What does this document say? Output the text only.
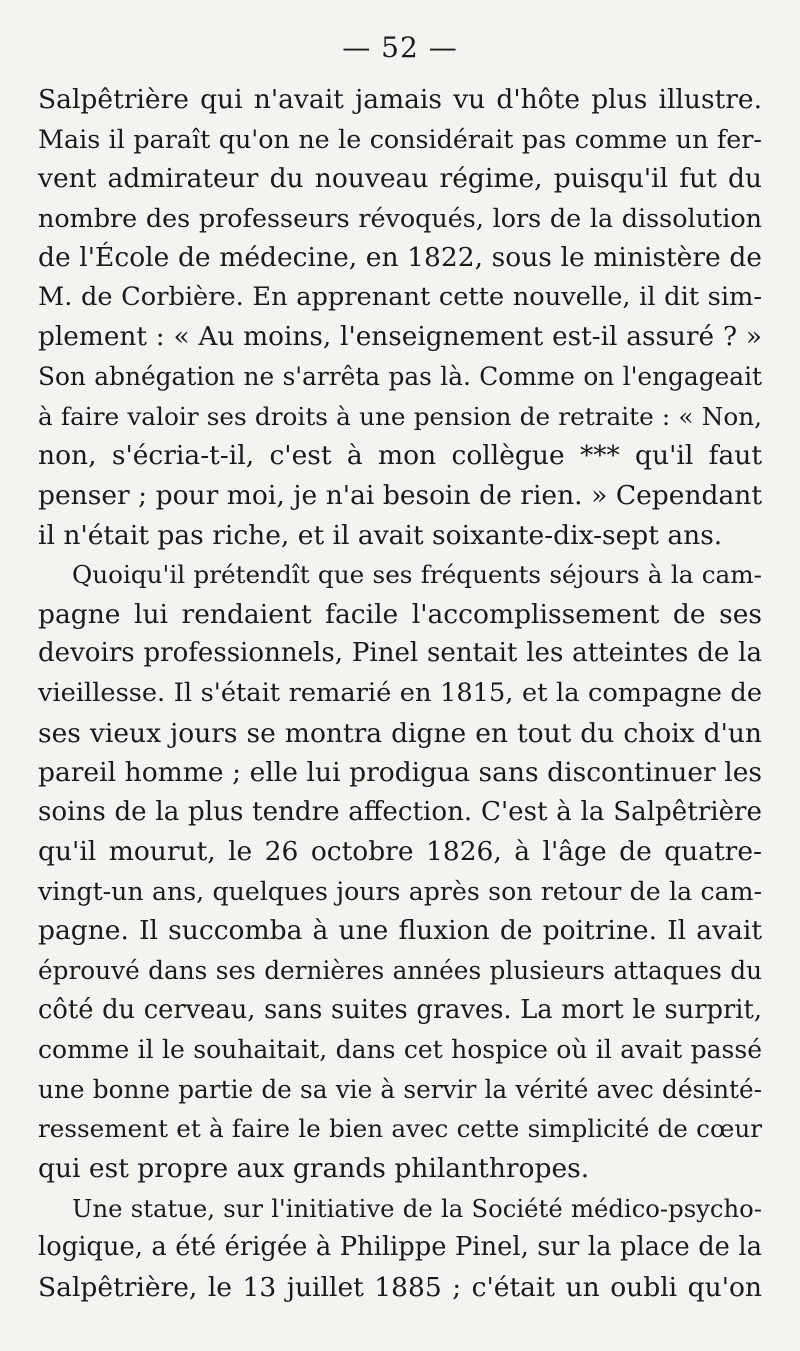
— 52 —
Salpêtrière qui n'avait jamais vu d'hôte plus illustre.
Mais il paraît qu'on ne le considérait pas comme un fer-
vent admirateur du nouveau régime, puisqu'il fut du
nombre des professeurs révoqués, lors de la dissolution
de l'École de médecine, en 1822, sous le ministère de
M. de Corbière. En apprenant cette nouvelle, il dit sim-
plement : « Au moins, l'enseignement est-il assuré ? »
Son abnégation ne s'arrêta pas là. Comme on l'engageait
à faire valoir ses droits à une pension de retraite : « Non,
non, s'écria-t-il, c'est à mon collègue *** qu'il faut
penser ; pour moi, je n'ai besoin de rien. » Cependant
il n'était pas riche, et il avait soixante-dix-sept ans.
Quoiqu'il prétendît que ses fréquents séjours à la cam-
pagne lui rendaient facile l'accomplissement de ses
devoirs professionnels, Pinel sentait les atteintes de la
vieillesse. Il s'était remarié en 1815, et la compagne de
ses vieux jours se montra digne en tout du choix d'un
pareil homme ; elle lui prodigua sans discontinuer les
soins de la plus tendre affection. C'est à la Salpêtrière
qu'il mourut, le 26 octobre 1826, à l'âge de quatre-
vingt-un ans, quelques jours après son retour de la cam-
pagne. Il succomba à une fluxion de poitrine. Il avait
éprouvé dans ses dernières années plusieurs attaques du
côté du cerveau, sans suites graves. La mort le surprit,
comme il le souhaitait, dans cet hospice où il avait passé
une bonne partie de sa vie à servir la vérité avec désinté-
ressement et à faire le bien avec cette simplicité de cœur
qui est propre aux grands philanthropes.
Une statue, sur l'initiative de la Société médico-psycho-
logique, a été érigée à Philippe Pinel, sur la place de la
Salpêtrière, le 13 juillet 1885 ; c'était un oubli qu'on
